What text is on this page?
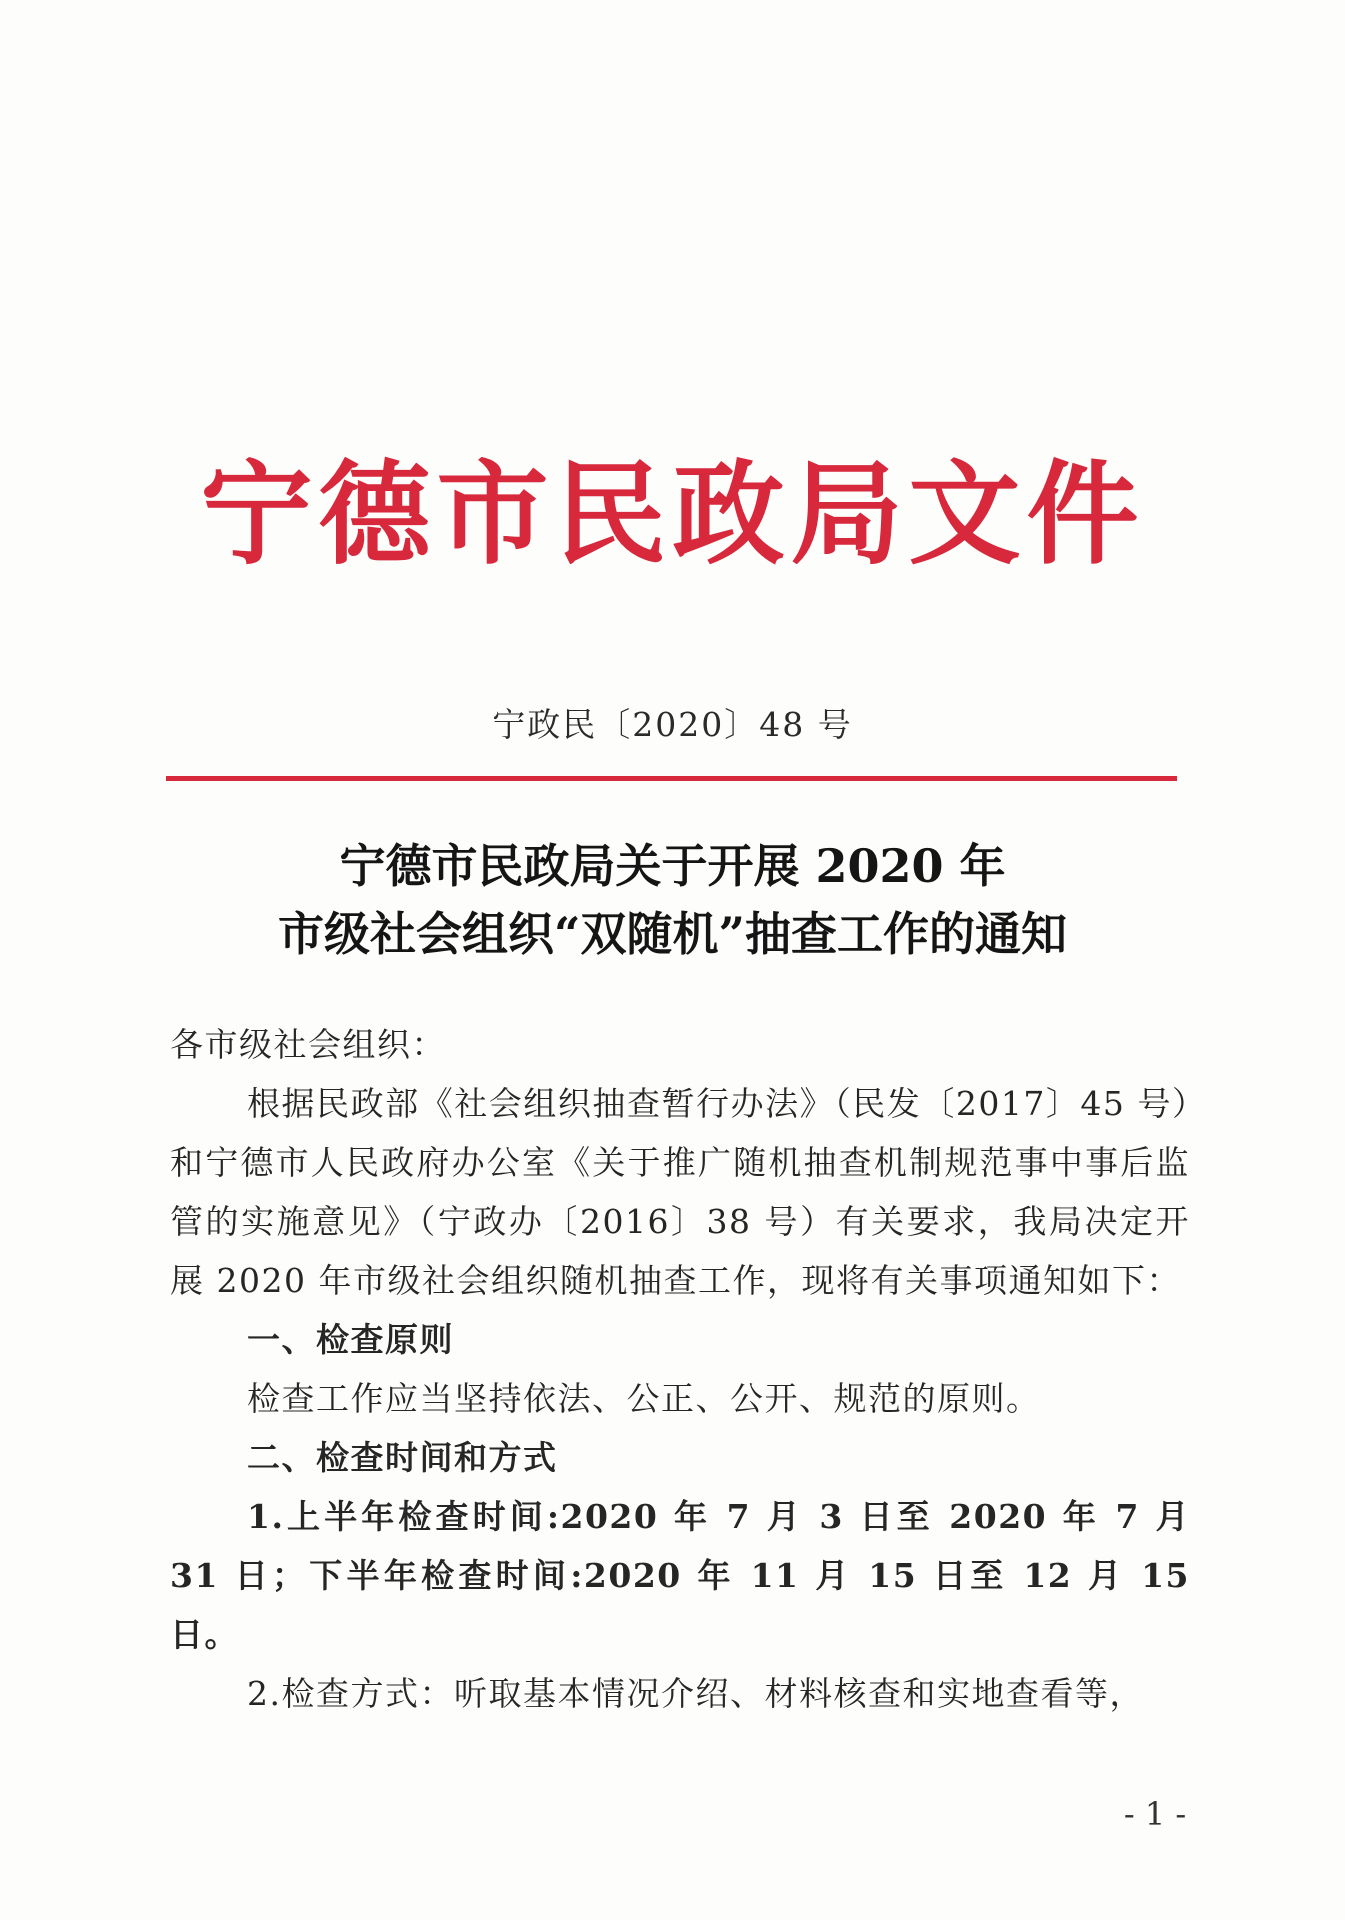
宁德市民政局文件
宁政民〔2020〕48 号
宁德市民政局关于开展 2020 年
市级社会组织“双随机”抽查工作的通知

各市级社会组织：

根据民政部《社会组织抽查暂行办法》（民发〔2017〕45 号）和宁德市人民政府办公室《关于推广随机抽查机制规范事中事后监管的实施意见》（宁政办〔2016〕38 号）有关要求，我局决定开展 2020 年市级社会组织随机抽查工作，现将有关事项通知如下：

一、检查原则

检查工作应当坚持依法、公正、公开、规范的原则。

二、检查时间和方式

1.上半年检查时间:2020 年 7 月 3 日至 2020 年 7 月 31 日；下半年检查时间:2020 年 11 月 15 日至 12 月 15 日。

2.检查方式：听取基本情况介绍、材料核查和实地查看等，

- 1 -
